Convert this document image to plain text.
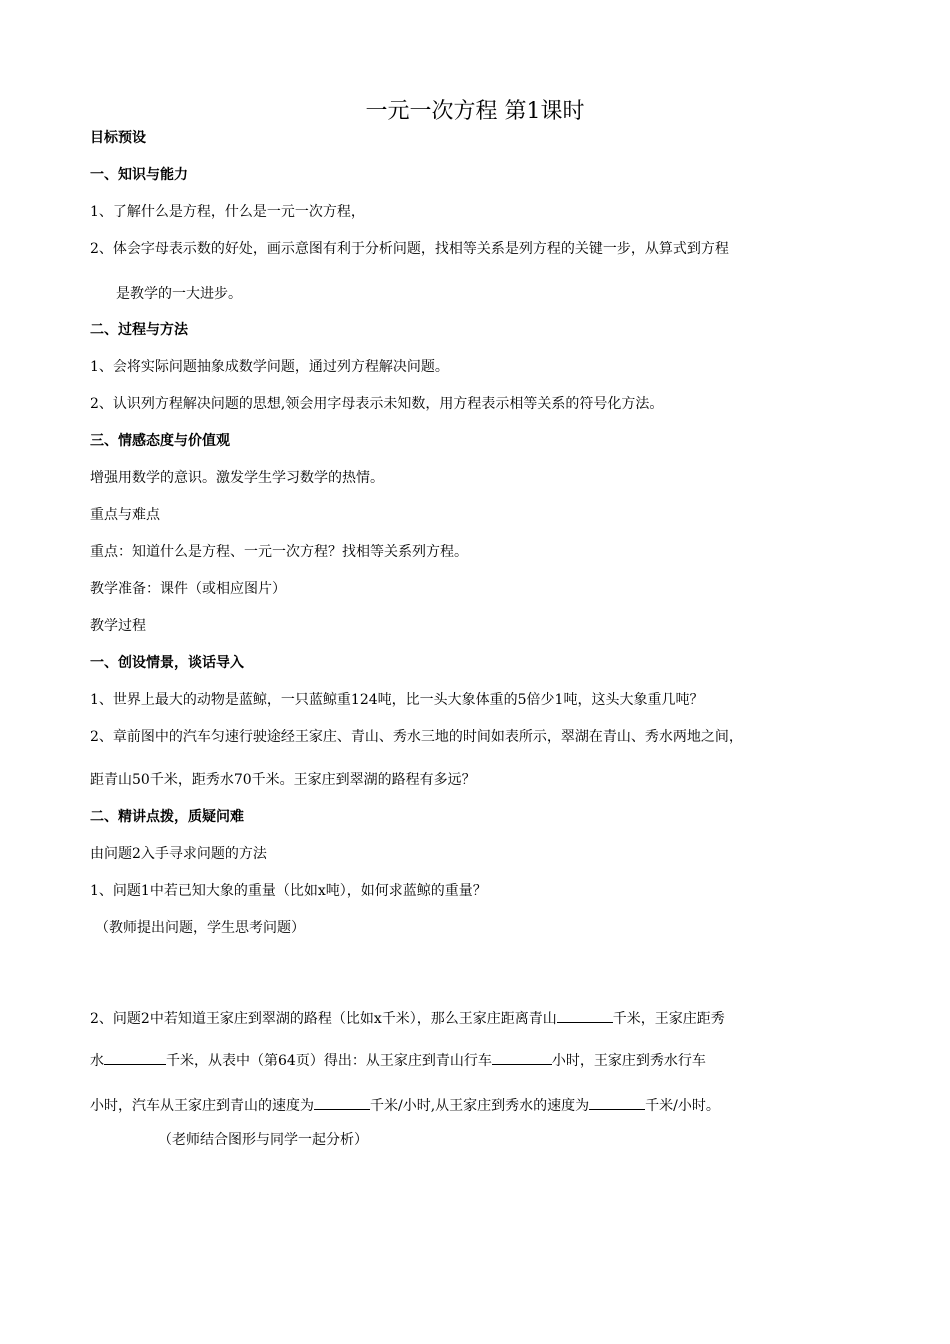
一元一次方程 第1课时
目标预设
一、知识与能力
1、了解什么是方程，什么是一元一次方程，
2、体会字母表示数的好处，画示意图有利于分析问题，找相等关系是列方程的关键一步，从算式到方程
是教学的一大进步。
二、过程与方法
1、会将实际问题抽象成数学问题，通过列方程解决问题。
2、认识列方程解决问题的思想,领会用字母表示未知数，用方程表示相等关系的符号化方法。
三、情感态度与价值观
增强用数学的意识。激发学生学习数学的热情。
重点与难点
重点：知道什么是方程、一元一次方程？找相等关系列方程。
教学准备：课件（或相应图片）
教学过程
一、创设情景，谈话导入
1、世界上最大的动物是蓝鲸，一只蓝鲸重124吨，比一头大象体重的5倍少1吨，这头大象重几吨？
2、章前图中的汽车匀速行驶途经王家庄、青山、秀水三地的时间如表所示，翠湖在青山、秀水两地之间，
距青山50千米，距秀水70千米。王家庄到翠湖的路程有多远？
二、精讲点拨，质疑问难
由问题2入手寻求问题的方法
1、问题1中若已知大象的重量（比如x吨），如何求蓝鲸的重量？
（教师提出问题，学生思考问题）
2、问题2中若知道王家庄到翠湖的路程（比如x千米），那么王家庄距离青山	千米，王家庄距秀
水	千米，从表中（第64页）得出：从王家庄到青山行车	小时，王家庄到秀水行车
小时，汽车从王家庄到青山的速度为	千米/小时,从王家庄到秀水的速度为	千米/小时。
（老师结合图形与同学一起分析）
